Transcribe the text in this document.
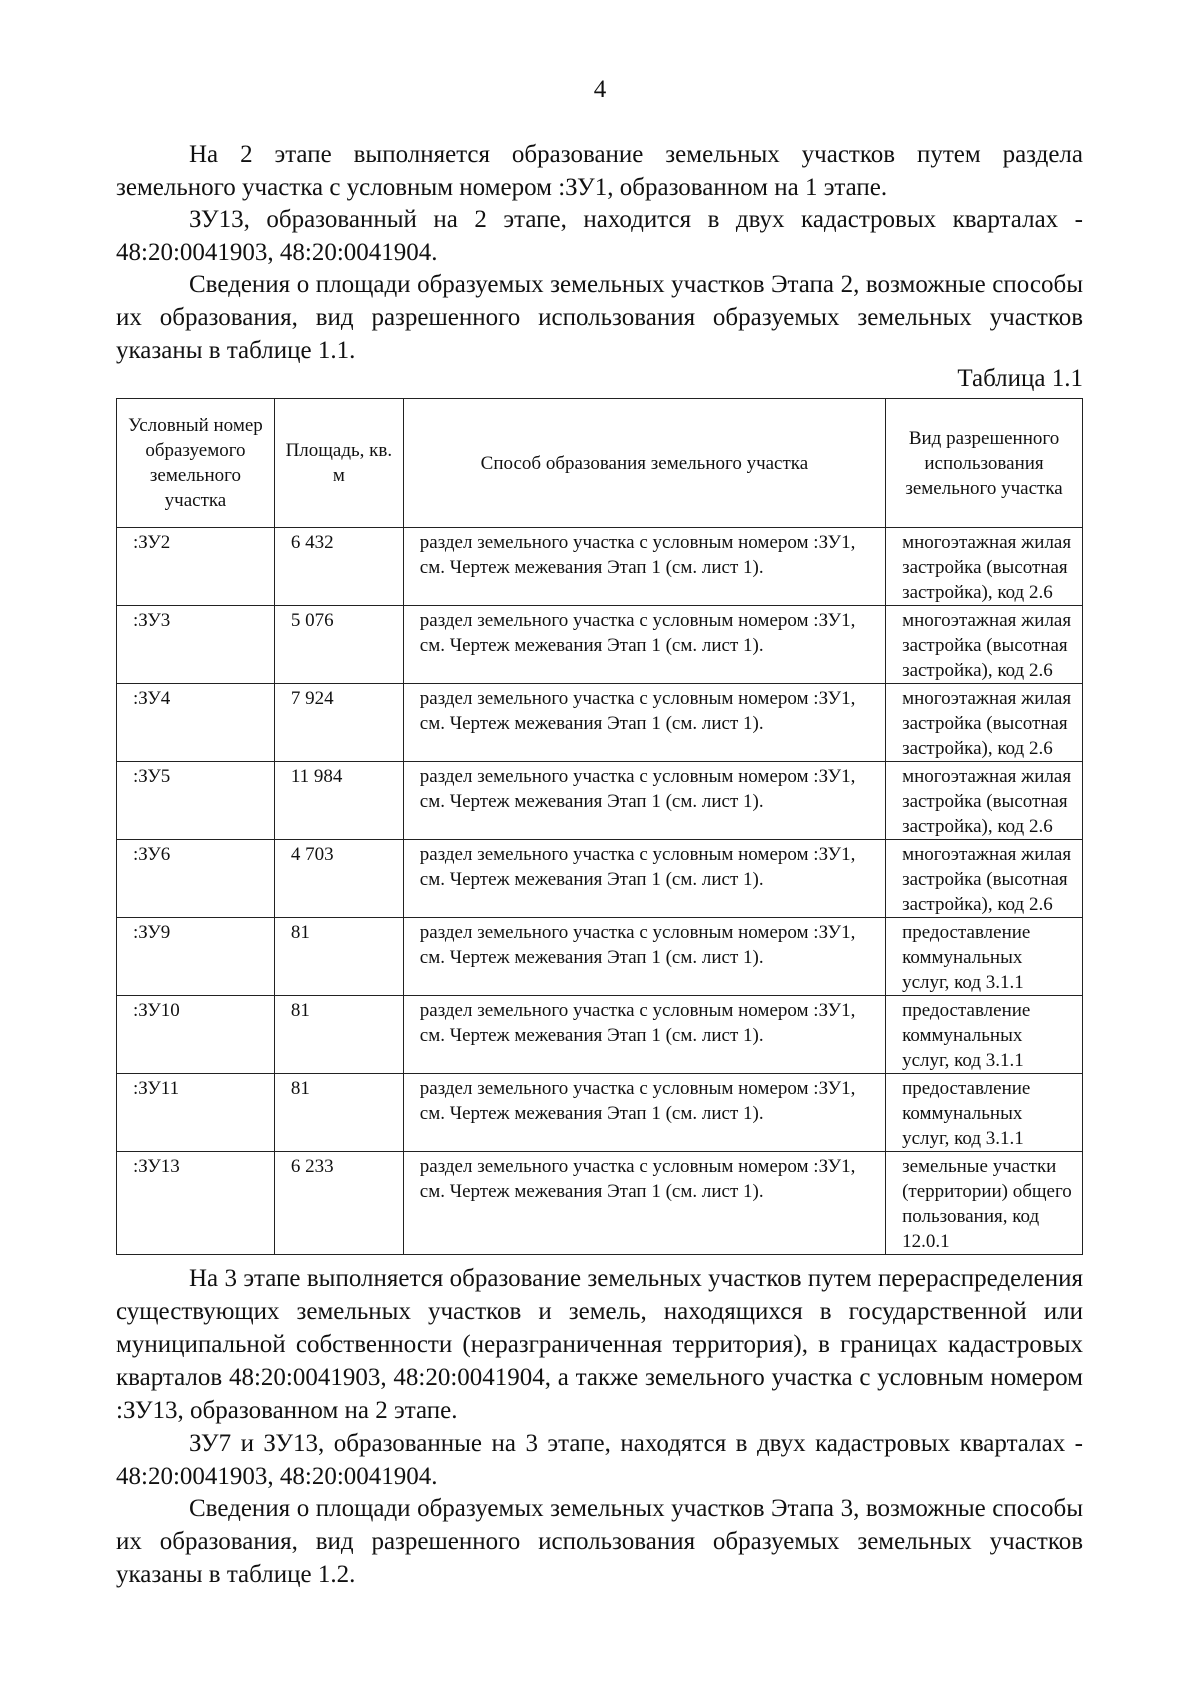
4

На 2 этапе выполняется образование земельных участков путем раздела земельного участка с условным номером :ЗУ1, образованном на 1 этапе.

ЗУ13, образованный на 2 этапе, находится в двух кадастровых кварталах - 48:20:0041903, 48:20:0041904.

Сведения о площади образуемых земельных участков Этапа 2, возможные способы их образования, вид разрешенного использования образуемых земельных участков указаны в таблице 1.1.

Таблица 1.1
Условный номер образуемого земельного участка	Площадь, кв. м	Способ образования земельного участка	Вид разрешенного использования земельного участка
:ЗУ2	6 432	раздел земельного участка с условным номером :ЗУ1, см. Чертеж межевания Этап 1 (см. лист 1).	многоэтажная жилая застройка (высотная застройка), код 2.6
:ЗУ3	5 076	раздел земельного участка с условным номером :ЗУ1, см. Чертеж межевания Этап 1 (см. лист 1).	многоэтажная жилая застройка (высотная застройка), код 2.6
:ЗУ4	7 924	раздел земельного участка с условным номером :ЗУ1, см. Чертеж межевания Этап 1 (см. лист 1).	многоэтажная жилая застройка (высотная застройка), код 2.6
:ЗУ5	11 984	раздел земельного участка с условным номером :ЗУ1, см. Чертеж межевания Этап 1 (см. лист 1).	многоэтажная жилая застройка (высотная застройка), код 2.6
:ЗУ6	4 703	раздел земельного участка с условным номером :ЗУ1, см. Чертеж межевания Этап 1 (см. лист 1).	многоэтажная жилая застройка (высотная застройка), код 2.6
:ЗУ9	81	раздел земельного участка с условным номером :ЗУ1, см. Чертеж межевания Этап 1 (см. лист 1).	предоставление коммунальных услуг, код 3.1.1
:ЗУ10	81	раздел земельного участка с условным номером :ЗУ1, см. Чертеж межевания Этап 1 (см. лист 1).	предоставление коммунальных услуг, код 3.1.1
:ЗУ11	81	раздел земельного участка с условным номером :ЗУ1, см. Чертеж межевания Этап 1 (см. лист 1).	предоставление коммунальных услуг, код 3.1.1
:ЗУ13	6 233	раздел земельного участка с условным номером :ЗУ1, см. Чертеж межевания Этап 1 (см. лист 1).	земельные участки (территории) общего пользования, код 12.0.1

На 3 этапе выполняется образование земельных участков путем перераспределения существующих земельных участков и земель, находящихся в государственной или муниципальной собственности (неразграниченная территория), в границах кадастровых кварталов 48:20:0041903, 48:20:0041904, а также земельного участка с условным номером :ЗУ13, образованном на 2 этапе.

ЗУ7 и ЗУ13, образованные на 3 этапе, находятся в двух кадастровых кварталах - 48:20:0041903, 48:20:0041904.

Сведения о площади образуемых земельных участков Этапа 3, возможные способы их образования, вид разрешенного использования образуемых земельных участков указаны в таблице 1.2.
